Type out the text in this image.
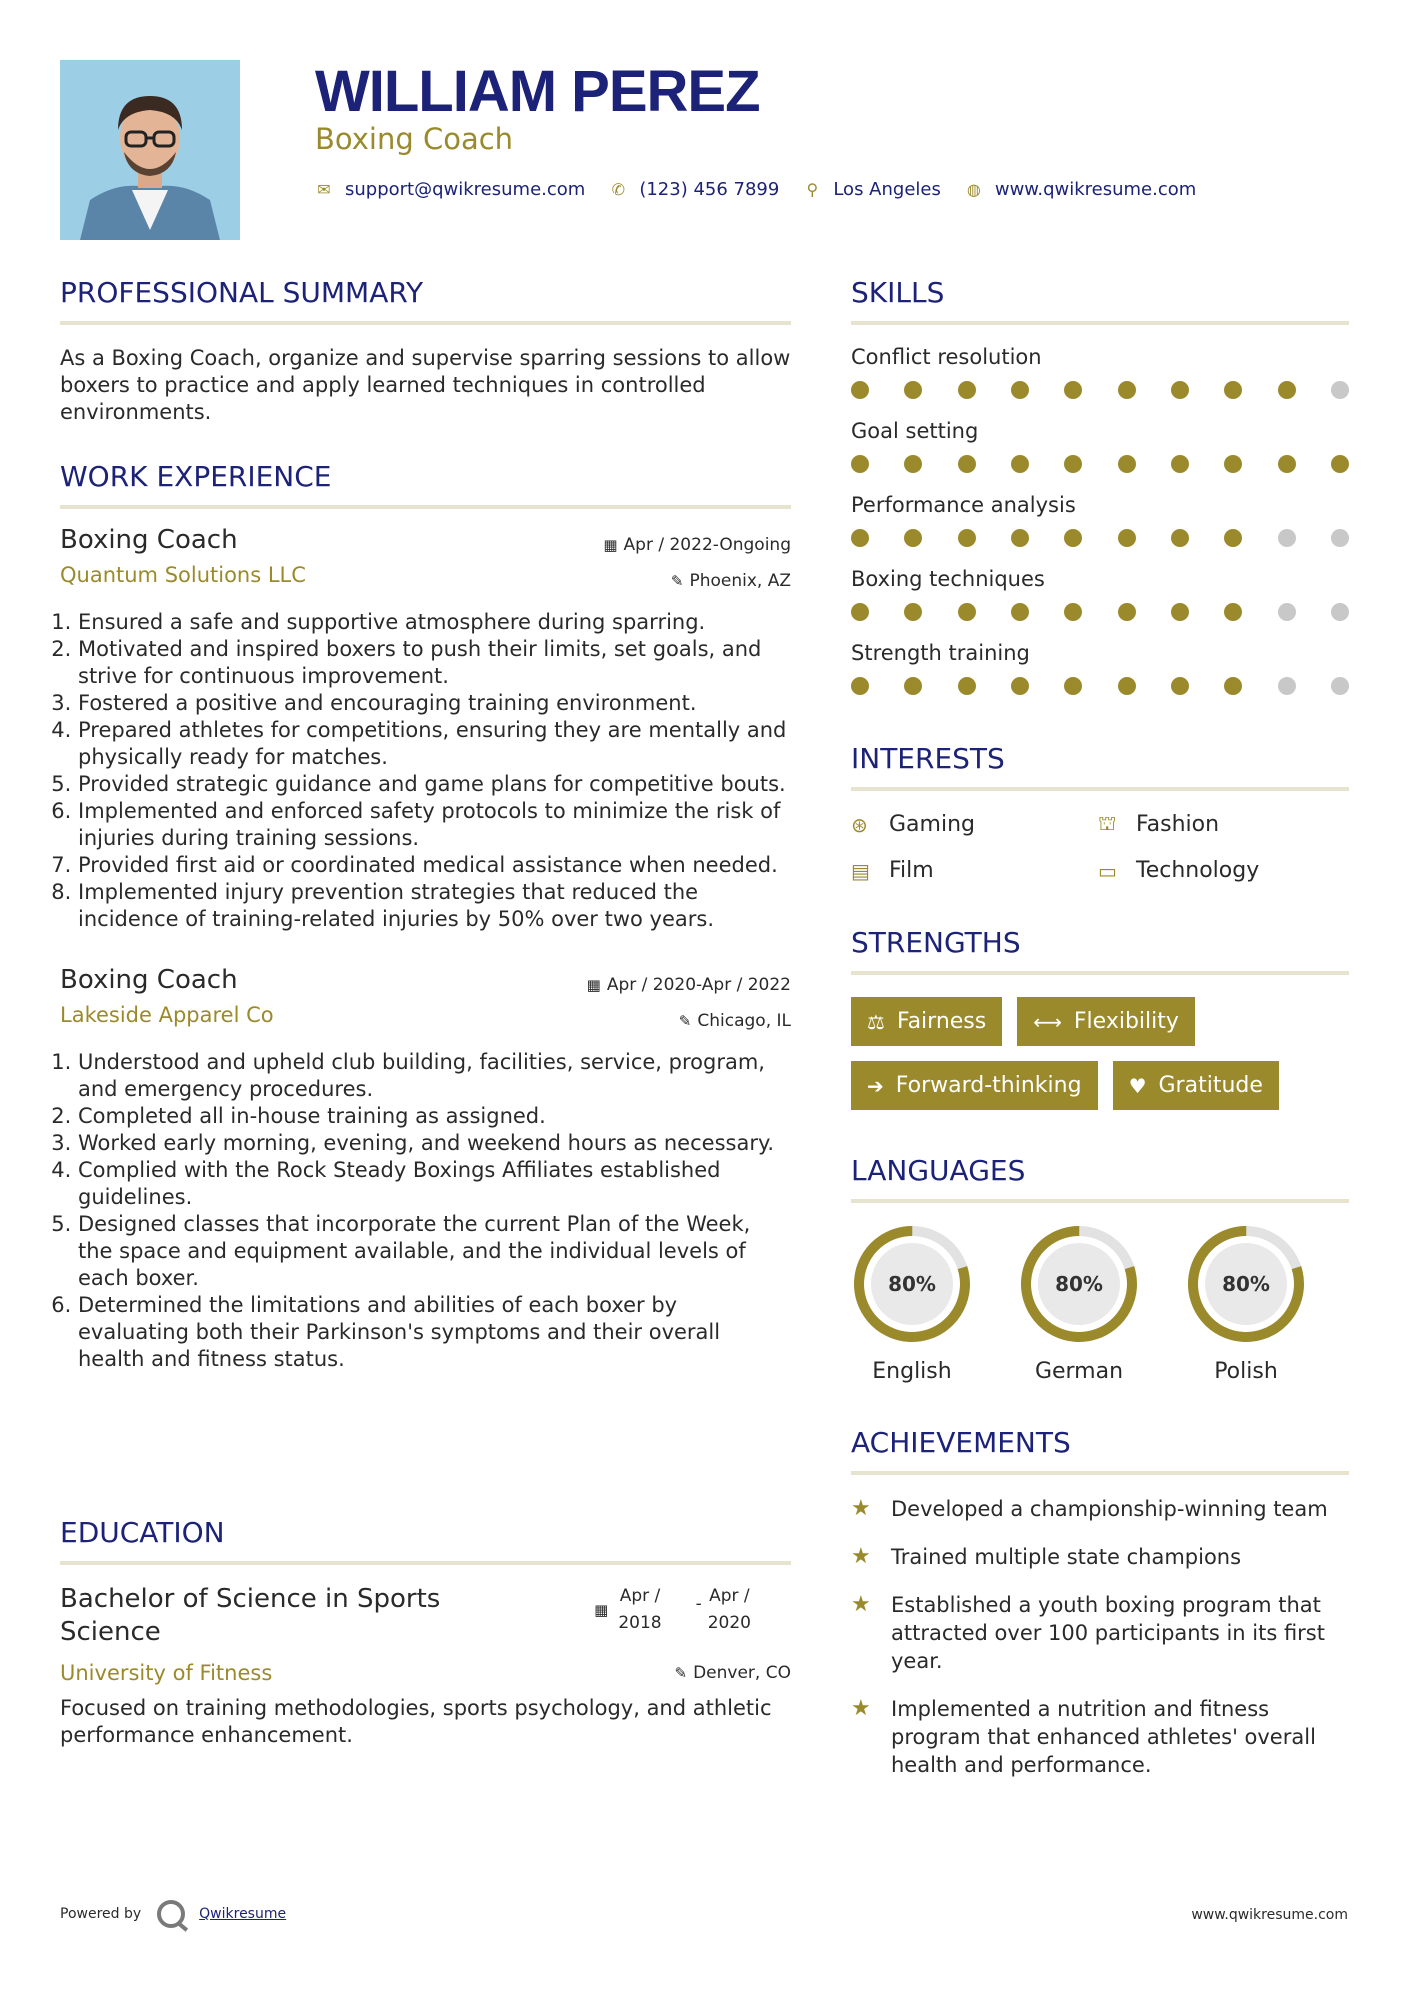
WILLIAM PEREZ
Boxing Coach
✉ support@qwikresume.com ✆ (123) 456 7899 ⚲ Los Angeles ◍ www.qwikresume.com
PROFESSIONAL SUMMARY
As a Boxing Coach, organize and supervise sparring sessions to allow boxers to practice and apply learned techniques in controlled environments.
WORK EXPERIENCE
Boxing Coach
Quantum Solutions LLC
▦ Apr / 2022-Ongoing
✎ Phoenix, AZ
1. Ensured a safe and supportive atmosphere during sparring.
2. Motivated and inspired boxers to push their limits, set goals, and strive for continuous improvement.
3. Fostered a positive and encouraging training environment.
4. Prepared athletes for competitions, ensuring they are mentally and physically ready for matches.
5. Provided strategic guidance and game plans for competitive bouts.
6. Implemented and enforced safety protocols to minimize the risk of injuries during training sessions.
7. Provided first aid or coordinated medical assistance when needed.
8. Implemented injury prevention strategies that reduced the incidence of training-related injuries by 50% over two years.
Boxing Coach
Lakeside Apparel Co
▦ Apr / 2020-Apr / 2022
✎ Chicago, IL
1. Understood and upheld club building, facilities, service, program, and emergency procedures.
2. Completed all in-house training as assigned.
3. Worked early morning, evening, and weekend hours as necessary.
4. Complied with the Rock Steady Boxings Affiliates established guidelines.
5. Designed classes that incorporate the current Plan of the Week, the space and equipment available, and the individual levels of each boxer.
6. Determined the limitations and abilities of each boxer by evaluating both their Parkinson's symptoms and their overall health and fitness status.
EDUCATION
Bachelor of Science in Sports
Science
▦
Apr /
2018
- Apr /
2020
University of Fitness	✎ Denver, CO
Focused on training methodologies, sports psychology, and athletic performance enhancement.
SKILLS
Conflict resolution
Goal setting
Performance analysis
Boxing techniques
Strength training
INTERESTS
⊛ Gaming	⛫ Fashion
▤ Film	▭ Technology
STRENGTHS
⚖ Fairness ⟷ Flexibility
➔ Forward-thinking ♥ Gratitude
LANGUAGES
80%
English
80%
German
80%
Polish
ACHIEVEMENTS
★ Developed a championship-winning team
★ Trained multiple state champions
★ Established a youth boxing program that attracted over 100 participants in its first year.
★ Implemented a nutrition and fitness program that enhanced athletes' overall health and performance.
Powered by	Qwikresume	www.qwikresume.com
